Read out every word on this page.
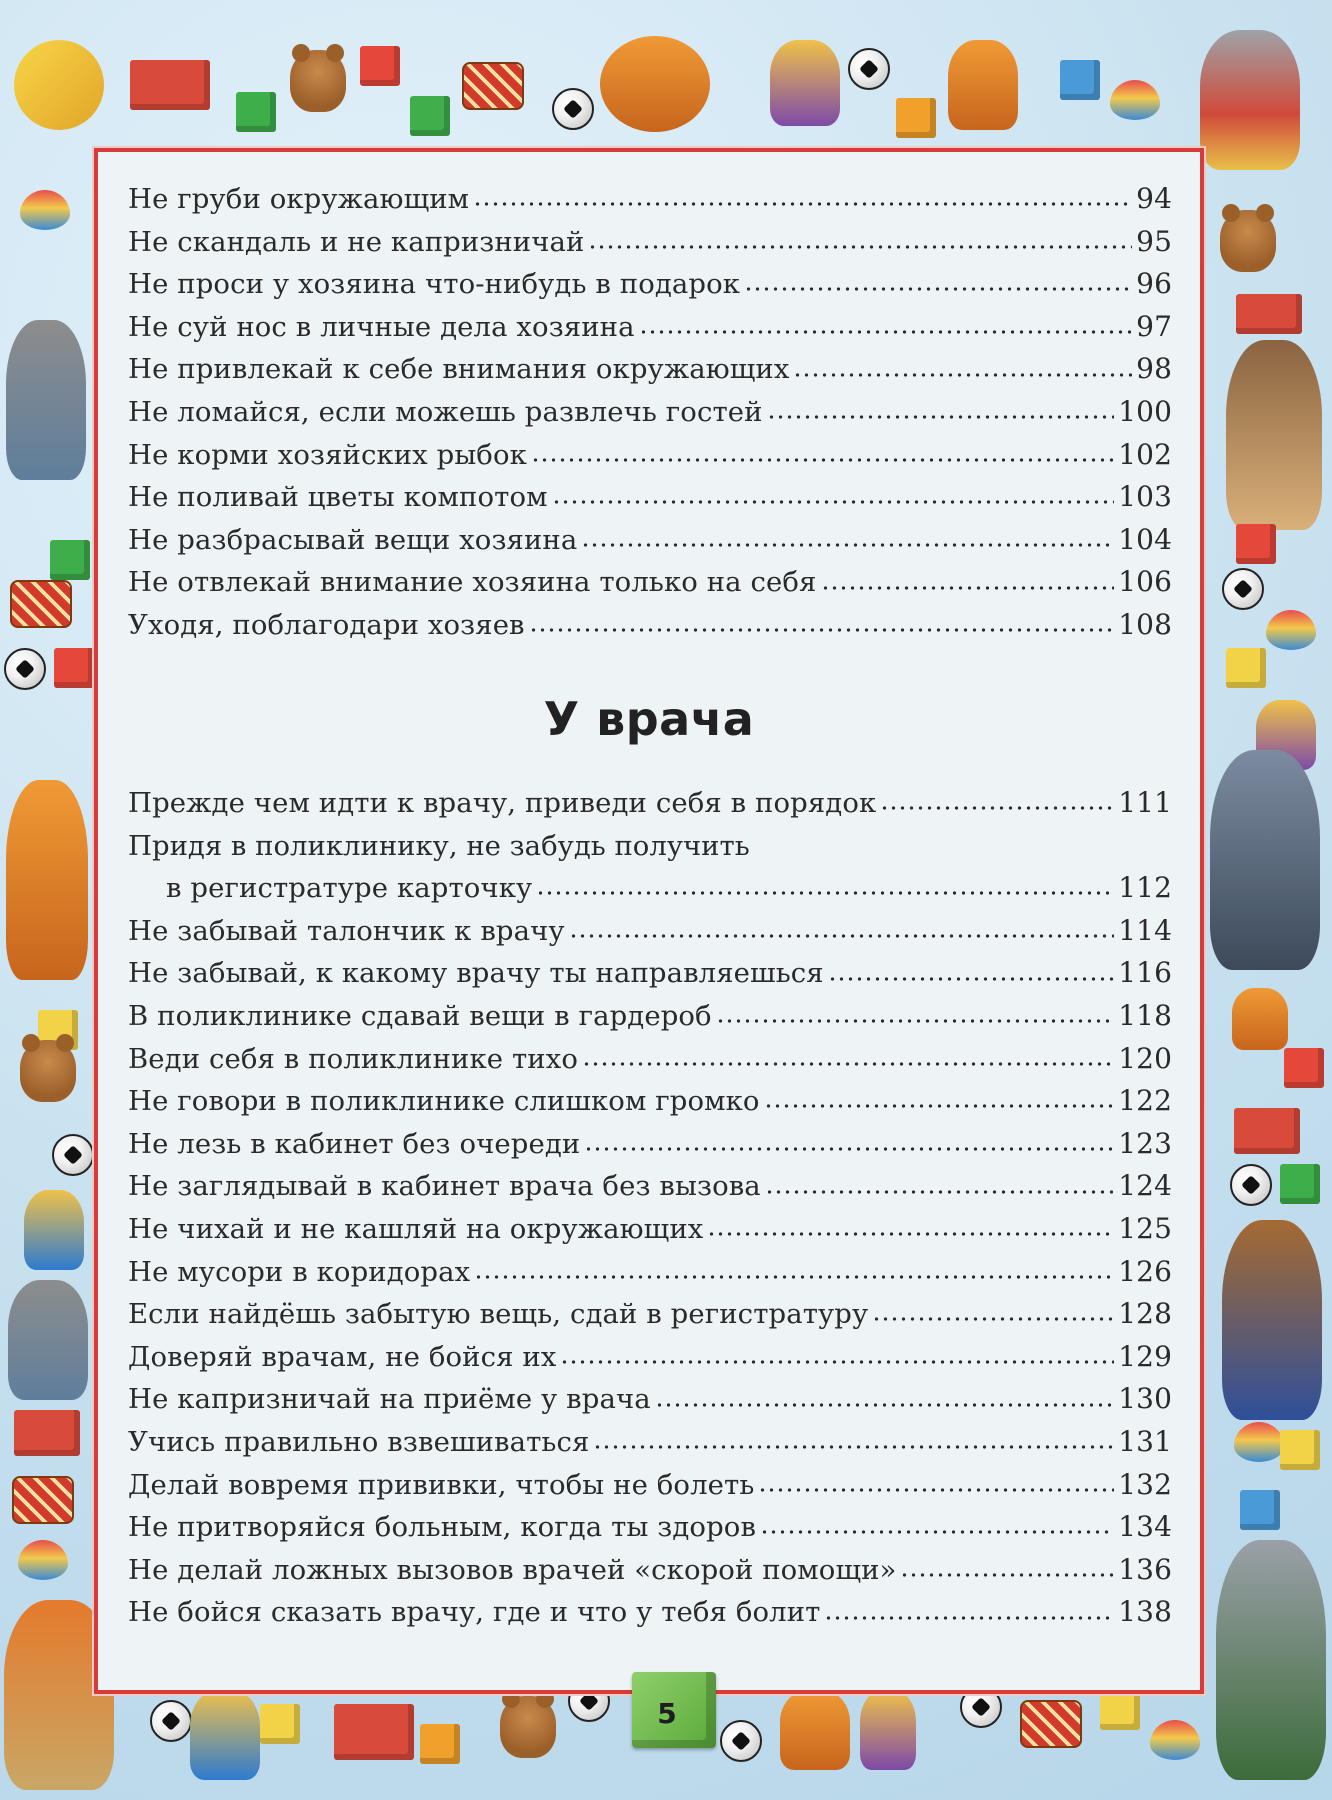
Не груби окружающим	94
Не скандаль и не капризничай	95
Не проси у хозяина что-нибудь в подарок	96
Не суй нос в личные дела хозяина	97
Не привлекай к себе внимания окружающих	98
Не ломайся, если можешь развлечь гостей	100
Не корми хозяйских рыбок	102
Не поливай цветы компотом	103
Не разбрасывай вещи хозяина	104
Не отвлекай внимание хозяина только на себя	106
Уходя, поблагодари хозяев	108
У врача
Прежде чем идти к врачу, приведи себя в порядок	111
Придя в поликлинику, не забудь получить
в регистратуре карточку	112
Не забывай талончик к врачу	114
Не забывай, к какому врачу ты направляешься	116
В поликлинике сдавай вещи в гардероб	118
Веди себя в поликлинике тихо	120
Не говори в поликлинике слишком громко	122
Не лезь в кабинет без очереди	123
Не заглядывай в кабинет врача без вызова	124
Не чихай и не кашляй на окружающих	125
Не мусори в коридорах	126
Если найдёшь забытую вещь, сдай в регистратуру	128
Доверяй врачам, не бойся их	129
Не капризничай на приёме у врача	130
Учись правильно взвешиваться	131
Делай вовремя прививки, чтобы не болеть	132
Не притворяйся больным, когда ты здоров	134
Не делай ложных вызовов врачей «скорой помощи»	136
Не бойся сказать врачу, где и что у тебя болит	138
5
